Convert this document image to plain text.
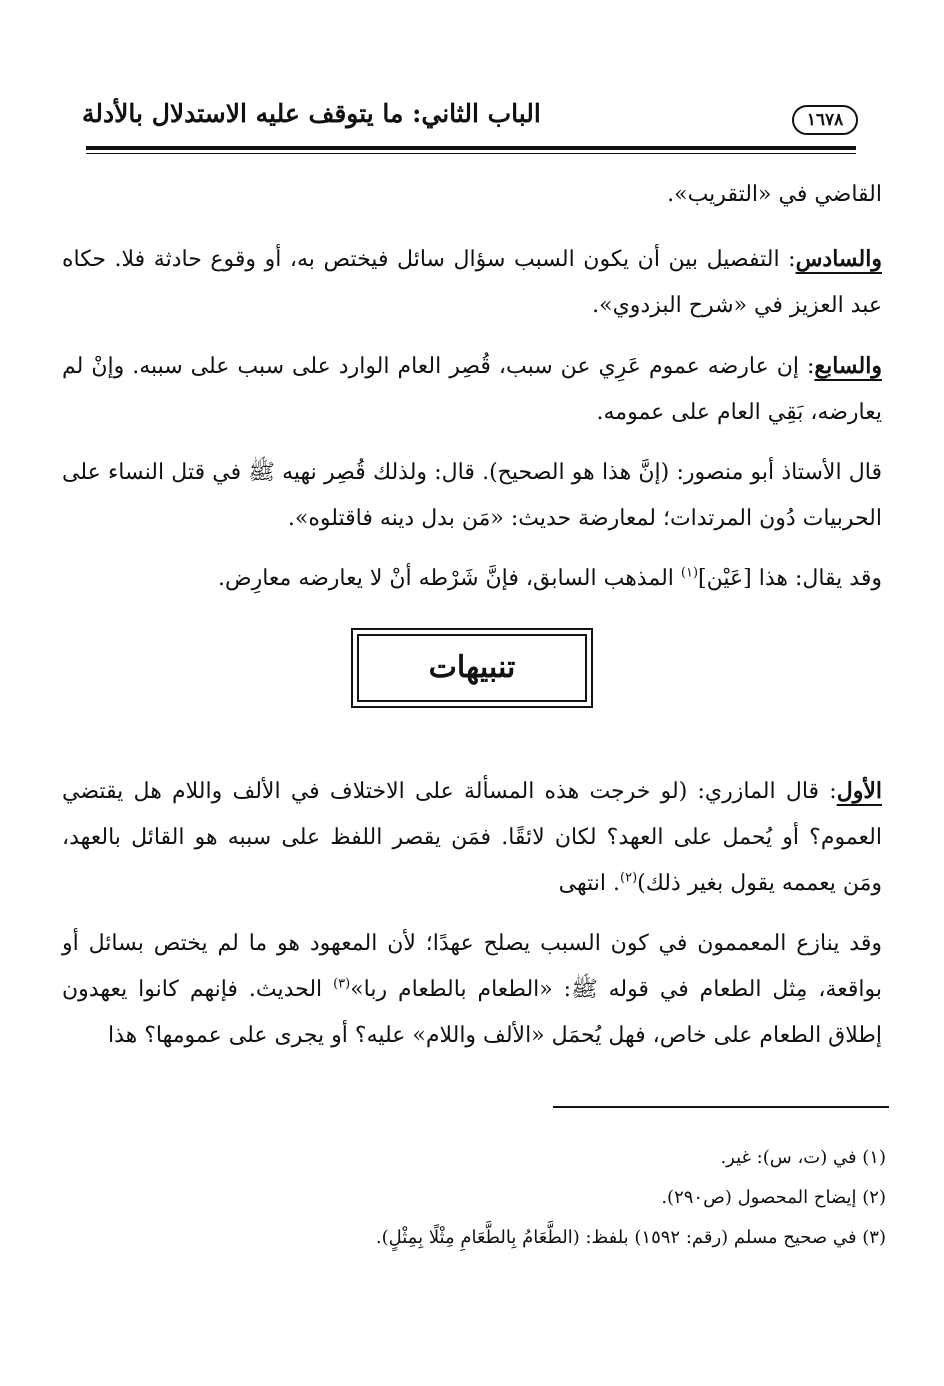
١٦٧٨
الباب الثاني: ما يتوقف عليه الاستدلال بالأدلة

القاضي في «التقريب».

والسادس: التفصيل بين أن يكون السبب سؤال سائل فيختص به، أو وقوع حادثة فلا. حكاه عبد العزيز في «شرح البزدوي».

والسابع: إن عارضه عموم عَرِي عن سبب، قُصِر العام الوارد على سبب على سببه. وإنْ لم يعارضه، بَقِي العام على عمومه.

قال الأستاذ أبو منصور: (إنَّ هذا هو الصحيح). قال: ولذلك قُصِر نهيه ﷺ في قتل النساء على الحربيات دُون المرتدات؛ لمعارضة حديث: «مَن بدل دينه فاقتلوه».

وقد يقال: هذا [عَيْن]$^{(١)}$ المذهب السابق، فإنَّ شَرْطه أنْ لا يعارضه معارِض.

تنبيهات

الأول: قال المازري: (لو خرجت هذه المسألة على الاختلاف في الألف واللام هل يقتضي العموم؟ أو يُحمل على العهد؟ لكان لائقًا. فمَن يقصر اللفظ على سببه هو القائل بالعهد، ومَن يعممه يقول بغير ذلك)$^{(٢)}$. انتهى

وقد ينازع المعممون في كون السبب يصلح عهدًا؛ لأن المعهود هو ما لم يختص بسائل أو بواقعة، مِثل الطعام في قوله ﷺ: «الطعام بالطعام ربا»$^{(٣)}$ الحديث. فإنهم كانوا يعهدون إطلاق الطعام على خاص، فهل يُحمَل «الألف واللام» عليه؟ أو يجرى على عمومها؟ هذا

(١) في (ت، س): غير.
(٢) إيضاح المحصول (ص٢٩٠).
(٣) في صحيح مسلم (رقم: ١٥٩٢) بلفظ: (الطَّعَامُ بِالطَّعَامِ مِثْلًا بِمِثْلٍ).
